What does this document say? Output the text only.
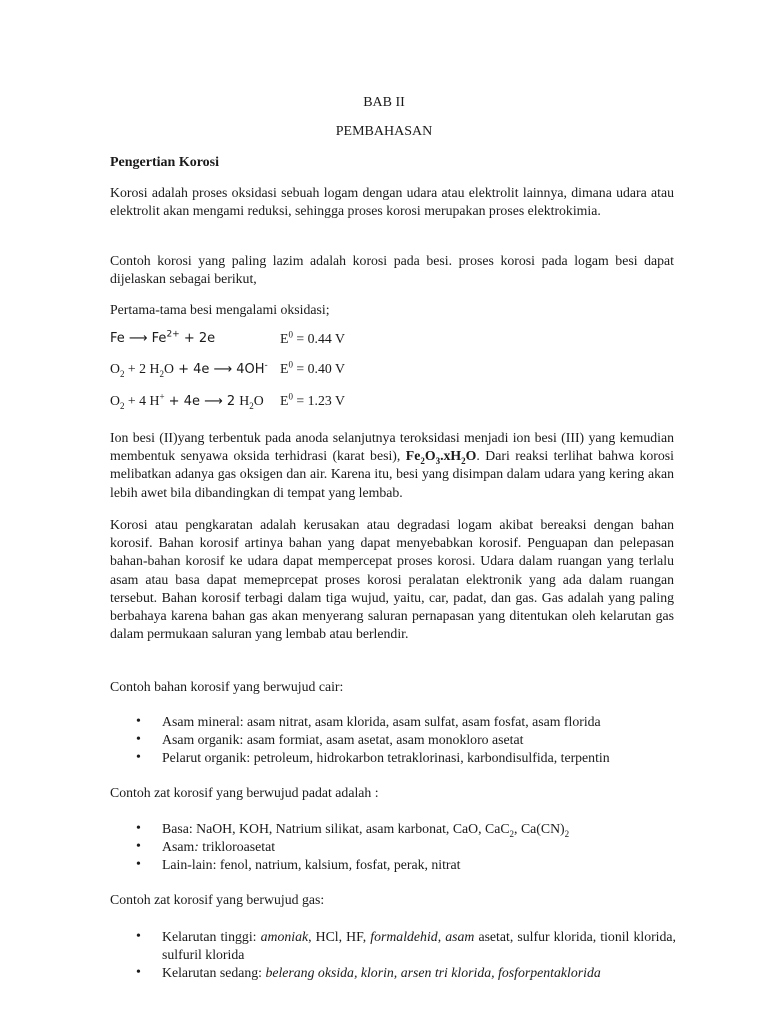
BAB II
PEMBAHASAN
Pengertian Korosi

Korosi adalah proses oksidasi sebuah logam dengan udara atau elektrolit lainnya, dimana udara atau elektrolit akan mengami reduksi, sehingga proses korosi merupakan proses elektrokimia.

Contoh korosi yang paling lazim adalah korosi pada besi. proses korosi pada logam besi dapat dijelaskan sebagai berikut,

Pertama-tama besi mengalami oksidasi;

Fe ⟶ $Fe^{2+} + 2e$	$E^0 = 0.44$ V
$O_2 + 2$ $H_2O + 4e$ ⟶ 4OH- $E^0 = 0.40$ V
$O_2 + 4$ H+ + 4e ⟶ 2 $H_2O$ $E^0 = 1.23$ V

Ion besi (II)yang terbentuk pada anoda selanjutnya teroksidasi menjadi ion besi (III) yang kemudian membentuk senyawa oksida terhidrasi (karat besi), $Fe_2O_3.xH_2O$. Dari reaksi terlihat bahwa korosi melibatkan adanya gas oksigen dan air. Karena itu, besi yang disimpan dalam udara yang kering akan lebih awet bila dibandingkan di tempat yang lembab.

Korosi atau pengkaratan adalah kerusakan atau degradasi logam akibat bereaksi dengan bahan korosif. Bahan korosif artinya bahan yang dapat menyebabkan korosif. Penguapan dan pelepasan bahan-bahan korosif ke udara dapat mempercepat proses korosi. Udara dalam ruangan yang terlalu asam atau basa dapat memeprcepat proses korosi peralatan elektronik yang ada dalam ruangan tersebut. Bahan korosif terbagi dalam tiga wujud, yaitu, car, padat, dan gas. Gas adalah yang paling berbahaya karena bahan gas akan menyerang saluran pernapasan yang ditentukan oleh kelarutan gas dalam permukaan saluran yang lembab atau berlendir.

Contoh bahan korosif yang berwujud cair:

• Asam mineral: asam nitrat, asam klorida, asam sulfat, asam fosfat, asam florida
• Asam organik: asam formiat, asam asetat, asam monokloro asetat
• Pelarut organik: petroleum, hidrokarbon tetraklorinasi, karbondisulfida, terpentin

Contoh zat korosif yang berwujud padat adalah :

• Basa: NaOH, KOH, Natrium silikat, asam karbonat, CaO, CaC$_2$, $Ca(CN)_2$
• Asam: trikloroasetat
• Lain-lain: fenol, natrium, kalsium, fosfat, perak, nitrat

Contoh zat korosif yang berwujud gas:

• Kelarutan tinggi: amoniak, HCl, HF, formaldehid, asam asetat, sulfur klorida, tionil klorida, sulfuril klorida
• Kelarutan sedang: belerang oksida, klorin, arsen tri klorida, fosforpentaklorida
